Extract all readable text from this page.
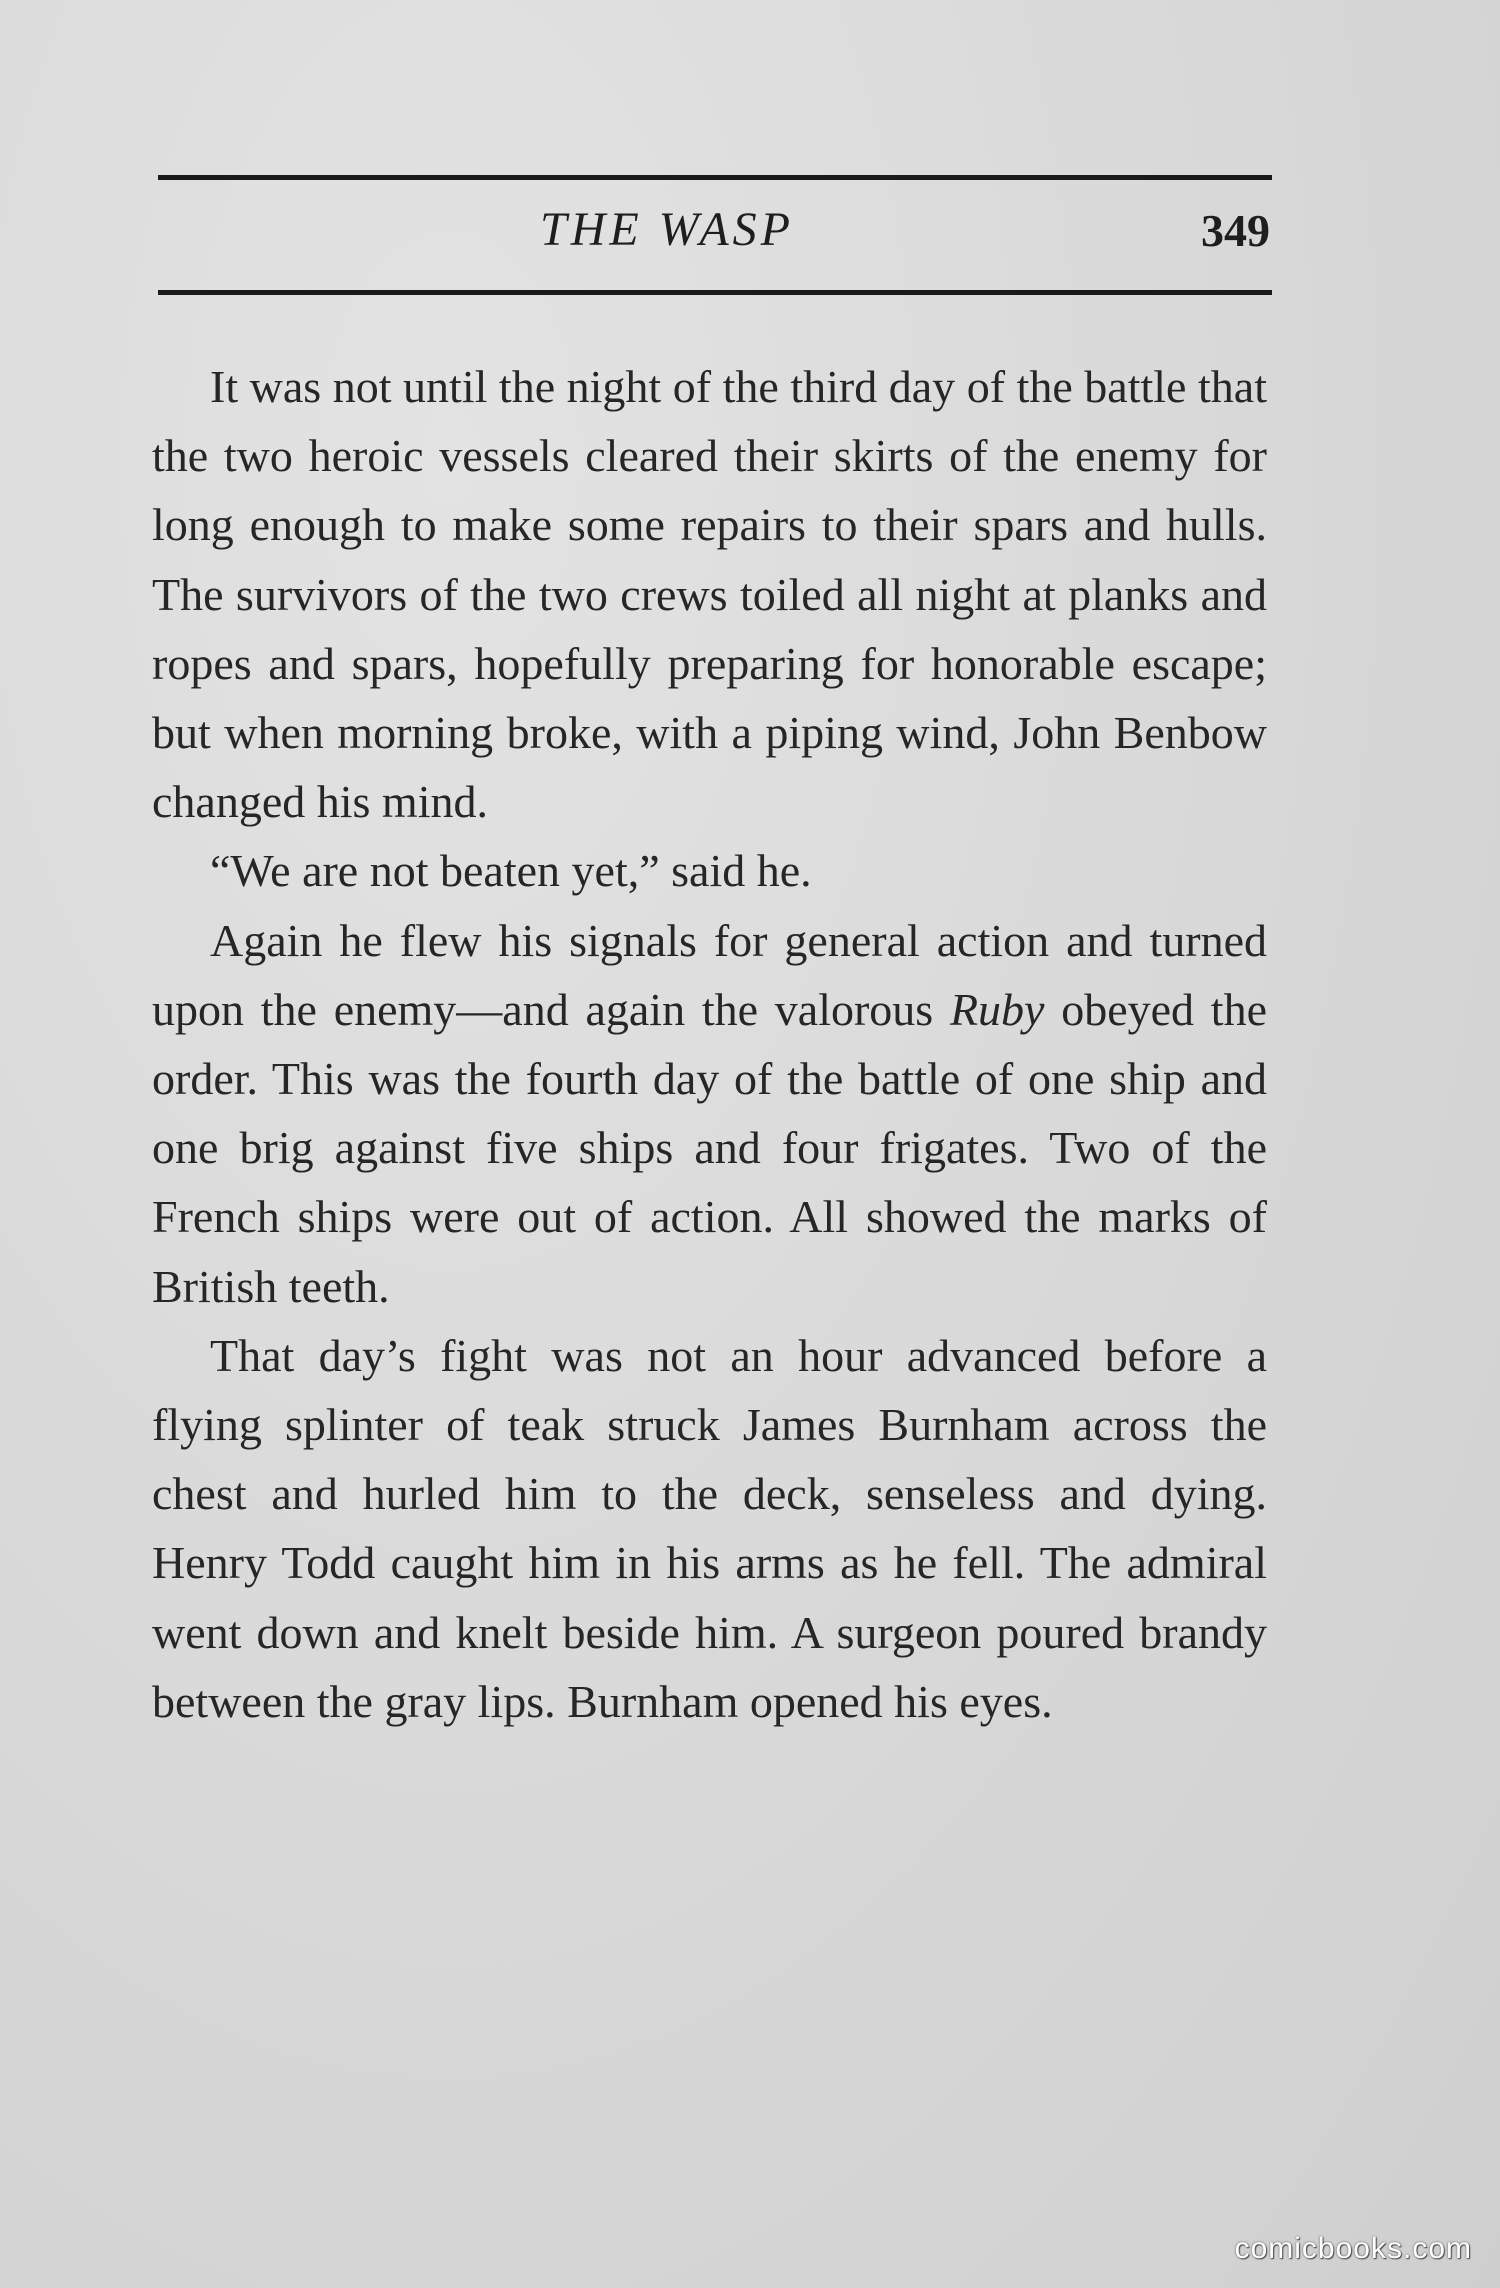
THE WASP	349

It was not until the night of the third day of the battle that the two heroic vessels cleared their skirts of the enemy for long enough to make some repairs to their spars and hulls. The survivors of the two crews toiled all night at planks and ropes and spars, hopefully preparing for honorable escape; but when morning broke, with a piping wind, John Benbow changed his mind.

“We are not beaten yet,” said he.

Again he flew his signals for general action and turned upon the enemy—and again the valorous Ruby obeyed the order. This was the fourth day of the battle of one ship and one brig against five ships and four frigates. Two of the French ships were out of action. All showed the marks of British teeth.

That day’s fight was not an hour advanced before a flying splinter of teak struck James Burnham across the chest and hurled him to the deck, senseless and dying. Henry Todd caught him in his arms as he fell. The admiral went down and knelt beside him. A surgeon poured brandy between the gray lips. Burnham opened his eyes.

comicbooks.com
